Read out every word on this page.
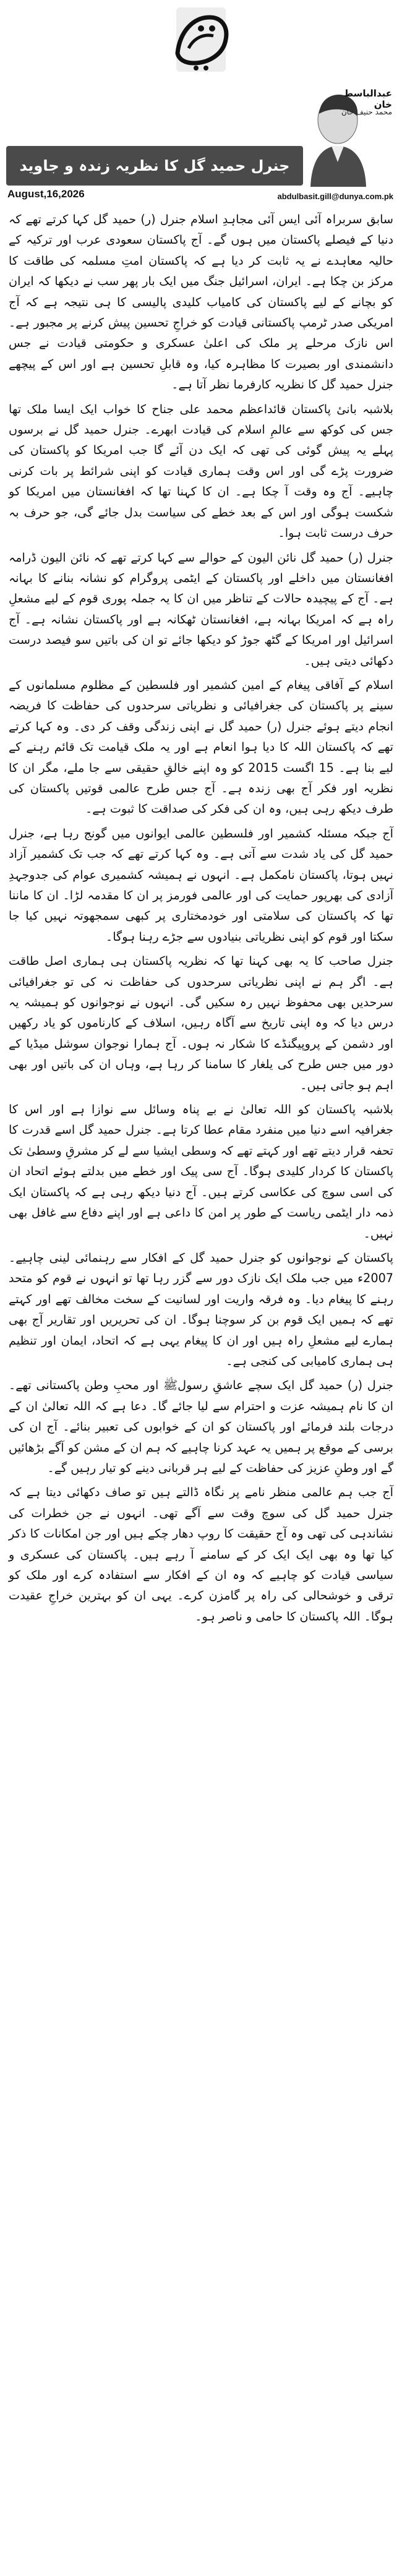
جنرل حمید گل کا نظریہ زندہ و جاوید
August,16,2026
عبدالباسط خان
محمد حنیف خان
abdulbasit.gill@dunya.com.pk

سابق سربراہ آئی ایس آئی مجاہدِ اسلام جنرل (ر) حمید گل کہا کرتے تھے کہ دنیا کے فیصلے پاکستان میں ہوں گے۔ آج پاکستان سعودی عرب اور ترکیہ کے حالیہ معاہدے نے یہ ثابت کر دیا ہے کہ پاکستان امتِ مسلمہ کی طاقت کا مرکز بن چکا ہے۔ ایران، اسرائیل جنگ میں ایک بار پھر سب نے دیکھا کہ ایران کو بچانے کے لیے پاکستان کی کامیاب کلیدی پالیسی کا ہی نتیجہ ہے کہ آج امریکی صدر ٹرمپ پاکستانی قیادت کو خراجِ تحسین پیش کرنے پر مجبور ہے۔ اس نازک مرحلے پر ملک کی اعلیٰ عسکری و حکومتی قیادت نے جس دانشمندی اور بصیرت کا مظاہرہ کیا، وہ قابلِ تحسین ہے اور اس کے پیچھے جنرل حمید گل کا نظریہ کارفرما نظر آتا ہے۔

بلاشبہ بانیٔ پاکستان قائداعظم محمد علی جناح کا خواب ایک ایسا ملک تھا جس کی کوکھ سے عالمِ اسلام کی قیادت ابھرے۔ جنرل حمید گل نے برسوں پہلے یہ پیش گوئی کی تھی کہ ایک دن آئے گا جب امریکا کو پاکستان کی ضرورت پڑے گی اور اس وقت ہماری قیادت کو اپنی شرائط پر بات کرنی چاہیے۔ آج وہ وقت آ چکا ہے۔ ان کا کہنا تھا کہ افغانستان میں امریکا کو شکست ہوگی اور اس کے بعد خطے کی سیاست بدل جائے گی، جو حرف بہ حرف درست ثابت ہوا۔

جنرل (ر) حمید گل نائن الیون کے حوالے سے کہا کرتے تھے کہ نائن الیون ڈرامہ افغانستان میں داخلے اور پاکستان کے ایٹمی پروگرام کو نشانہ بنانے کا بہانہ ہے۔ آج کے پیچیدہ حالات کے تناظر میں ان کا یہ جملہ پوری قوم کے لیے مشعلِ راہ ہے کہ امریکا بہانہ ہے، افغانستان ٹھکانہ ہے اور پاکستان نشانہ ہے۔ آج اسرائیل اور امریکا کے گٹھ جوڑ کو دیکھا جائے تو ان کی باتیں سو فیصد درست دکھائی دیتی ہیں۔

اسلام کے آفاقی پیغام کے امین کشمیر اور فلسطین کے مظلوم مسلمانوں کے سینے پر پاکستان کی جغرافیائی و نظریاتی سرحدوں کی حفاظت کا فریضہ انجام دیتے ہوئے جنرل (ر) حمید گل نے اپنی زندگی وقف کر دی۔ وہ کہا کرتے تھے کہ پاکستان اللہ کا دیا ہوا انعام ہے اور یہ ملک قیامت تک قائم رہنے کے لیے بنا ہے۔ 15 اگست 2015 کو وہ اپنے خالقِ حقیقی سے جا ملے، مگر ان کا نظریہ اور فکر آج بھی زندہ ہے۔ آج جس طرح عالمی قوتیں پاکستان کی طرف دیکھ رہی ہیں، وہ ان کی فکر کی صداقت کا ثبوت ہے۔

آج جبکہ مسئلہ کشمیر اور فلسطین عالمی ایوانوں میں گونج رہا ہے، جنرل حمید گل کی یاد شدت سے آتی ہے۔ وہ کہا کرتے تھے کہ جب تک کشمیر آزاد نہیں ہوتا، پاکستان نامکمل ہے۔ انہوں نے ہمیشہ کشمیری عوام کی جدوجہدِ آزادی کی بھرپور حمایت کی اور عالمی فورمز پر ان کا مقدمہ لڑا۔ ان کا ماننا تھا کہ پاکستان کی سلامتی اور خودمختاری پر کبھی سمجھوتہ نہیں کیا جا سکتا اور قوم کو اپنی نظریاتی بنیادوں سے جڑے رہنا ہوگا۔

جنرل صاحب کا یہ بھی کہنا تھا کہ نظریہ پاکستان ہی ہماری اصل طاقت ہے۔ اگر ہم نے اپنی نظریاتی سرحدوں کی حفاظت نہ کی تو جغرافیائی سرحدیں بھی محفوظ نہیں رہ سکیں گی۔ انہوں نے نوجوانوں کو ہمیشہ یہ درس دیا کہ وہ اپنی تاریخ سے آگاہ رہیں، اسلاف کے کارناموں کو یاد رکھیں اور دشمن کے پروپیگنڈے کا شکار نہ ہوں۔ آج ہمارا نوجوان سوشل میڈیا کے دور میں جس طرح کی یلغار کا سامنا کر رہا ہے، وہاں ان کی باتیں اور بھی اہم ہو جاتی ہیں۔

بلاشبہ پاکستان کو اللہ تعالیٰ نے بے پناہ وسائل سے نوازا ہے اور اس کا جغرافیہ اسے دنیا میں منفرد مقام عطا کرتا ہے۔ جنرل حمید گل اسے قدرت کا تحفہ قرار دیتے تھے اور کہتے تھے کہ وسطی ایشیا سے لے کر مشرقِ وسطیٰ تک پاکستان کا کردار کلیدی ہوگا۔ آج سی پیک اور خطے میں بدلتے ہوئے اتحاد ان کی اسی سوچ کی عکاسی کرتے ہیں۔ آج دنیا دیکھ رہی ہے کہ پاکستان ایک ذمہ دار ایٹمی ریاست کے طور پر امن کا داعی ہے اور اپنے دفاع سے غافل بھی نہیں۔

پاکستان کے نوجوانوں کو جنرل حمید گل کے افکار سے رہنمائی لینی چاہیے۔ 2007ء میں جب ملک ایک نازک دور سے گزر رہا تھا تو انہوں نے قوم کو متحد رہنے کا پیغام دیا۔ وہ فرقہ واریت اور لسانیت کے سخت مخالف تھے اور کہتے تھے کہ ہمیں ایک قوم بن کر سوچنا ہوگا۔ ان کی تحریریں اور تقاریر آج بھی ہمارے لیے مشعلِ راہ ہیں اور ان کا پیغام یہی ہے کہ اتحاد، ایمان اور تنظیم ہی ہماری کامیابی کی کنجی ہے۔

جنرل (ر) حمید گل ایک سچے عاشقِ رسولﷺ اور محبِ وطن پاکستانی تھے۔ ان کا نام ہمیشہ عزت و احترام سے لیا جائے گا۔ دعا ہے کہ اللہ تعالیٰ ان کے درجات بلند فرمائے اور پاکستان کو ان کے خوابوں کی تعبیر بنائے۔ آج ان کی برسی کے موقع پر ہمیں یہ عہد کرنا چاہیے کہ ہم ان کے مشن کو آگے بڑھائیں گے اور وطنِ عزیز کی حفاظت کے لیے ہر قربانی دینے کو تیار رہیں گے۔

آج جب ہم عالمی منظر نامے پر نگاہ ڈالتے ہیں تو صاف دکھائی دیتا ہے کہ جنرل حمید گل کی سوچ وقت سے آگے تھی۔ انہوں نے جن خطرات کی نشاندہی کی تھی وہ آج حقیقت کا روپ دھار چکے ہیں اور جن امکانات کا ذکر کیا تھا وہ بھی ایک ایک کر کے سامنے آ رہے ہیں۔ پاکستان کی عسکری و سیاسی قیادت کو چاہیے کہ وہ ان کے افکار سے استفادہ کرے اور ملک کو ترقی و خوشحالی کی راہ پر گامزن کرے۔ یہی ان کو بہترین خراجِ عقیدت ہوگا۔ اللہ پاکستان کا حامی و ناصر ہو۔
